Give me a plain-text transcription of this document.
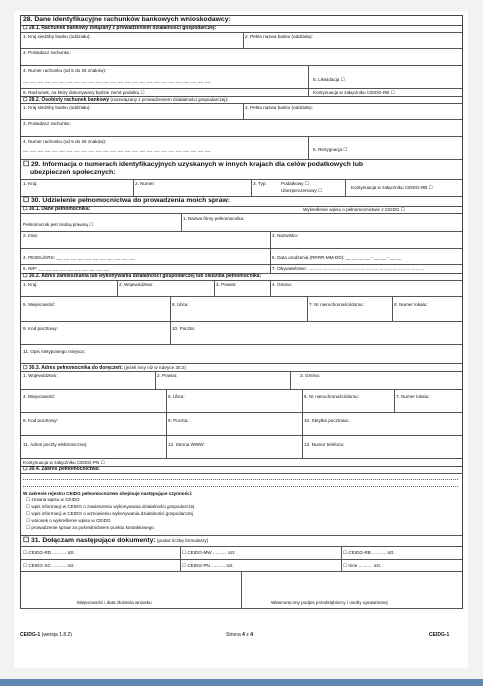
28. Dane identyfikacyjne rachunków bankowych wnioskodawcy:
☐ 28.1. Rachunek bankowy związany z prowadzeniem działalności gospodarczej:
1. Kraj siedziby banku (oddziału):	2. Pełna nazwa banku (oddziału):
3. Posiadacz rachunku:
4. Numer rachunku (od 5 do 26 znaków):
__ __ __ __ __ __ __ __ __ __ __ __ __ __ __ __ __ __ __ __ __ __ __ __ __ __	5. Likwidacja ☐
6. Rachunek, na który dokonywany będzie zwrot podatku ☐	Kontynuacja w załączniku CEIDG-RB ☐
☐ 28.2. Osobisty rachunek bankowy (niezwiązany z prowadzeniem działalności gospodarczej):
1. Kraj siedziby banku (oddziału):	2. Pełna nazwa banku (oddziału):
3. Posiadacz rachunku:
4. Numer rachunku (od 5 do 26 znaków):
__ __ __ __ __ __ __ __ __ __ __ __ __ __ __ __ __ __ __ __ __ __ __ __ __ __	5. Rezygnacja ☐
☐ 29. Informacja o numerach identyfikacyjnych uzyskanych w innych krajach dla celów podatkowych lub
ubezpieczeń społecznych:
1. Kraj:	2. Numer:	3. Typ:	Podatkowy ☐
Ubezpieczeniowy ☐
Kontynuacja w załączniku CEIDG-RB ☐
☐ 30. Udzielenie pełnomocnictwa do prowadzenia moich spraw:
☐ 30.1. Dane pełnomocnika:	Wykreślenie wpisu o pełnomocnictwie z CEIDG ☐
Pełnomocnik jest osobą prawną ☐
1. Nazwa firmy pełnomocnika:
2. Imię:	3. Nazwisko:
4. PESEL/KRS: __ __ __ __ __ __ __ __ __ __ __	5. Data urodzenia (RRRR-MM-DD): __ __ __ __ - __ __ - __ __
6. NIP: __ __ __ __ __ __ __ __ __ __	7. Obywatelstwo: ...........................................................................................
☐ 30.2. Adres zamieszkania lub wykonywania działalności gospodarczej lub siedziba pełnomocnika:
1. Kraj:	2. Województwo:	3. Powiat:	4. Gmina:
5. Miejscowość:	6. Ulica:	7. Nr nieruchomości/domu:	8. Numer lokalu:
9. Kod pocztowy:	10. Poczta:
11. Opis nietypowego miejsca:
☐ 30.3. Adres pełnomocnika do doręczeń: (jeżeli inny niż w rubryce 30.2)
1. Województwo:	2. Powiat:	3. Gmina:
4. Miejscowość:	5. Ulica:	6. Nr nieruchomości/domu:	7. Numer lokalu:
8. Kod pocztowy:	9. Poczta:	10. Skrytka pocztowa:
11. Adres poczty elektronicznej:	12. Strona WWW:	13. Numer telefonu:
Kontynuacja w załączniku CEIDG-PN ☐
☐ 30.4. Zakres pełnomocnictwa:
W zakresie rejestru CEIDG pełnomocnictwo obejmuje następujące czynności:
☐ zmiana wpisu w CEIDG
☐ wpis informacji w CEIDG o zawieszeniu wykonywania działalności gospodarczej
☐ wpis informacji w CEIDG o wznowieniu wykonywania działalności gospodarczej
☐ wniosek o wykreślenie wpisu w CEIDG
☐ prowadzenie spraw za pośrednictwem punktu kontaktowego
☐ 31. Dołączam następujące dokumenty: (podać liczbę formularzy)
☐ CEIDG-RD ........... szt.	☐ CEIDG-MW ........... szt.	☐ CEIDG-RB ........... szt.
☐ CEIDG-SC ........... szt.	☐ CEIDG-PN ........... szt.	☐ Inne ........... szt.
Miejscowość i data złożenia wniosku	Własnoręczny podpis przedsiębiorcy / osoby uprawnionej
CEIDG-1 (wersja 1.8.2)	Strona 4 z 4	CEIDG-1
